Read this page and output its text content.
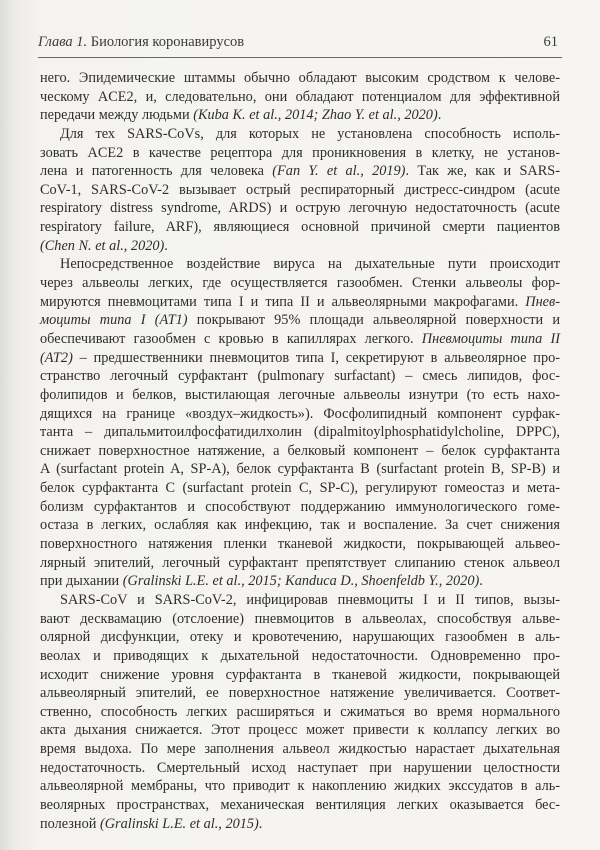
Глава 1. Биология коронавирусов	61
него. Эпидемические штаммы обычно обладают высоким сродством к челове-
ческому ACE2, и, следовательно, они обладают потенциалом для эффективной
передачи между людьми (Kuba K. et al., 2014; Zhao Y. et al., 2020).
Для тех SARS-CoVs, для которых не установлена способность исполь-
зовать ACE2 в качестве рецептора для проникновения в клетку, не установ-
лена и патогенность для человека (Fan Y. et al., 2019). Так же, как и SARS-
CoV-1, SARS-CoV-2 вызывает острый респираторный дистресс-синдром (acute
respiratory distress syndrome, ARDS) и острую легочную недостаточность (acute
respiratory failure, ARF), являющиеся основной причиной смерти пациентов
(Chen N. et al., 2020).
Непосредственное воздействие вируса на дыхательные пути происходит
через альвеолы легких, где осуществляется газообмен. Стенки альвеолы фор-
мируются пневмоцитами типа I и типа II и альвеолярными макрофагами. Пнев-
моциты типа I (AT1) покрывают 95% площади альвеолярной поверхности и
обеспечивают газообмен с кровью в капиллярах легкого. Пневмоциты типа II
(AT2) – предшественники пневмоцитов типа I, секретируют в альвеолярное про-
странство легочный сурфактант (pulmonary surfactant) – смесь липидов, фос-
фолипидов и белков, выстилающая легочные альвеолы изнутри (то есть нахо-
дящихся на границе «воздух–жидкость»). Фосфолипидный компонент сурфак-
танта – дипальмитоилфосфатидилхолин (dipalmitoylphosphatidylcholine, DPPC),
снижает поверхностное натяжение, а белковый компонент – белок сурфактанта
A (surfactant protein A, SP-A), белок сурфактанта B (surfactant protein B, SP-B) и
белок сурфактанта C (surfactant protein C, SP-C), регулируют гомеостаз и мета-
болизм сурфактантов и способствуют поддержанию иммунологического гоме-
остаза в легких, ослабляя как инфекцию, так и воспаление. За счет снижения
поверхностного натяжения пленки тканевой жидкости, покрывающей альвео-
лярный эпителий, легочный сурфактант препятствует слипанию стенок альвеол
при дыхании (Gralinski L.E. et al., 2015; Kanduca D., Shoenfeldb Y., 2020).
SARS-CoV и SARS-CoV-2, инфицировав пневмоциты I и II типов, вызы-
вают десквамацию (отслоение) пневмоцитов в альвеолах, способствуя альве-
олярной дисфункции, отеку и кровотечению, нарушающих газообмен в аль-
веолах и приводящих к дыхательной недостаточности. Одновременно про-
исходит снижение уровня сурфактанта в тканевой жидкости, покрывающей
альвеолярный эпителий, ее поверхностное натяжение увеличивается. Соответ-
ственно, способность легких расширяться и сжиматься во время нормального
акта дыхания снижается. Этот процесс может привести к коллапсу легких во
время выдоха. По мере заполнения альвеол жидкостью нарастает дыхательная
недостаточность. Смертельный исход наступает при нарушении целостности
альвеолярной мембраны, что приводит к накоплению жидких экссудатов в аль-
веолярных пространствах, механическая вентиляция легких оказывается бес-
полезной (Gralinski L.E. et al., 2015).
